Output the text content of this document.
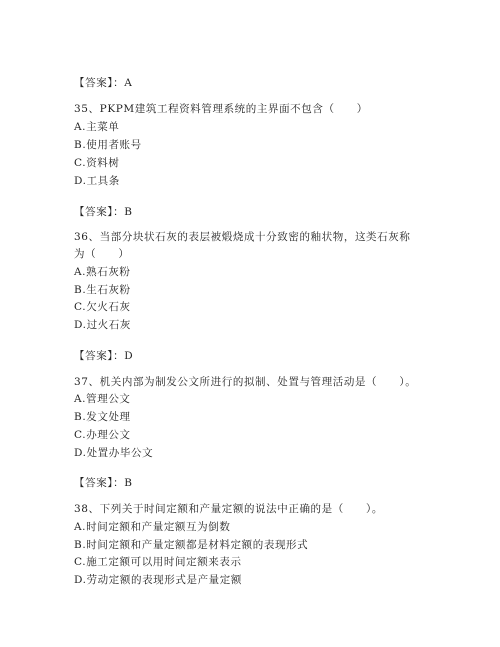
【答案】：A
35、PKPM建筑工程资料管理系统的主界面不包含（　　）
A.主菜单
B.使用者账号
C.资料树
D.工具条
【答案】：B
36、当部分块状石灰的表层被煅烧成十分致密的釉状物，这类石灰称
为（　　）
A.熟石灰粉
B.生石灰粉
C.欠火石灰
D.过火石灰
【答案】：D
37、机关内部为制发公文所进行的拟制、处置与管理活动是（　　）。
A.管理公文
B.发文处理
C.办理公文
D.处置办毕公文
【答案】：B
38、下列关于时间定额和产量定额的说法中正确的是（　　）。
A.时间定额和产量定额互为倒数
B.时间定额和产量定额都是材料定额的表现形式
C.施工定额可以用时间定额来表示
D.劳动定额的表现形式是产量定额
